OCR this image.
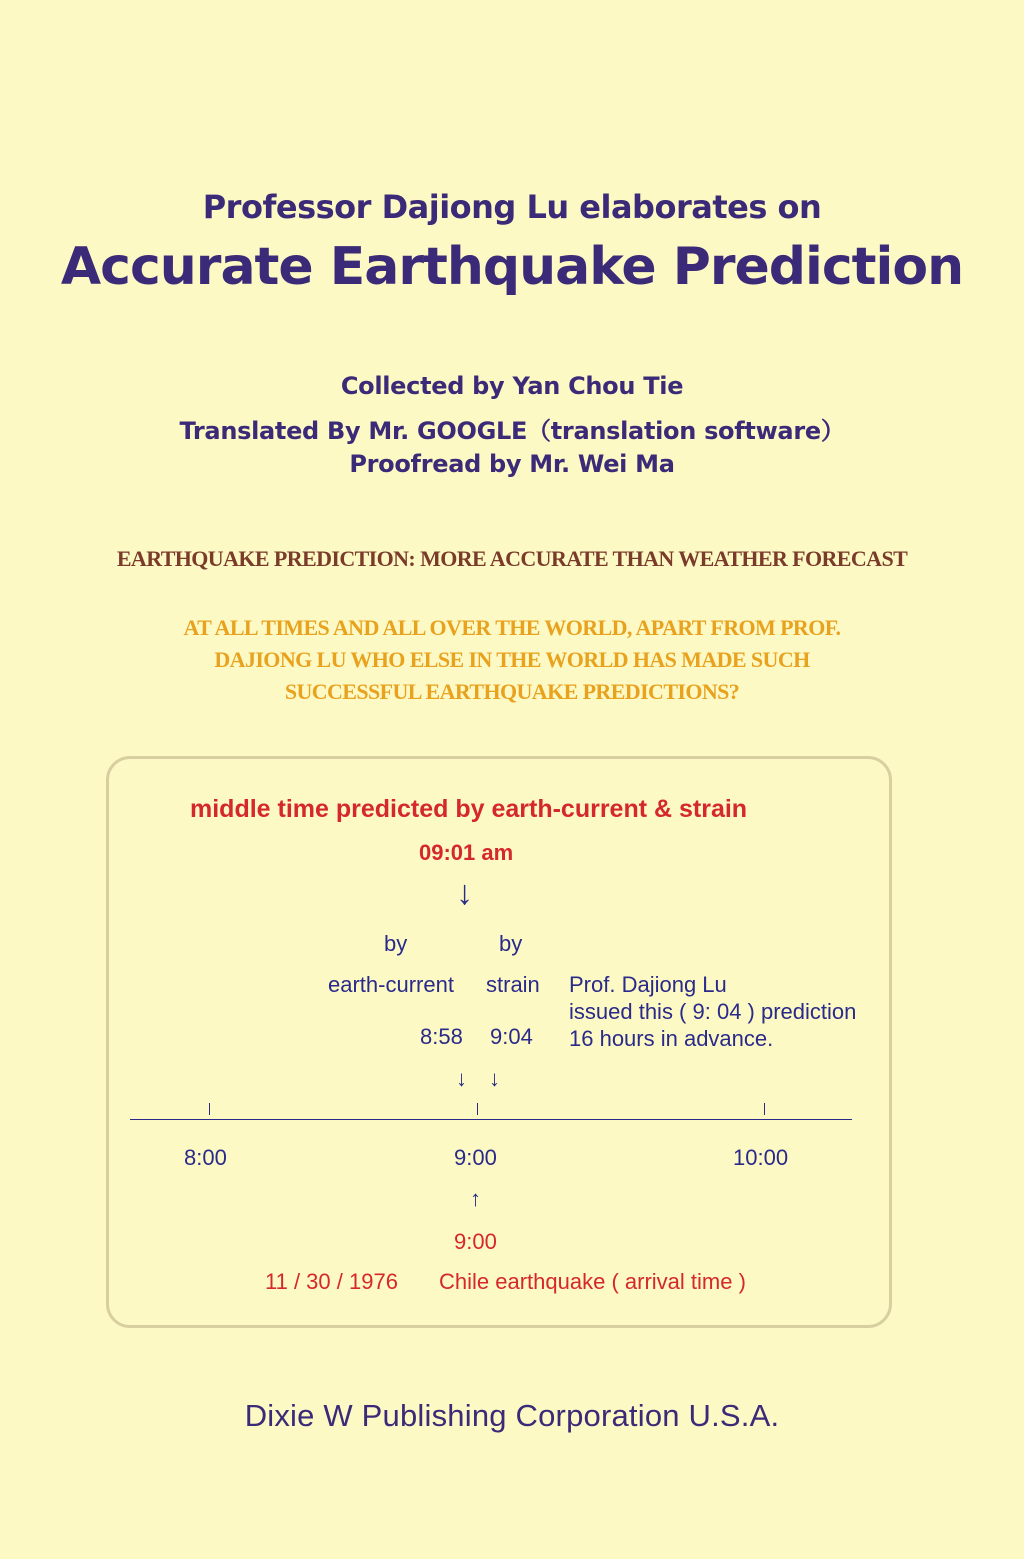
Professor Dajiong Lu elaborates on
Accurate Earthquake Prediction
Collected by Yan Chou Tie
Translated By Mr. GOOGLE（translation software）
Proofread by Mr. Wei Ma
EARTHQUAKE PREDICTION: MORE ACCURATE THAN WEATHER FORECAST
AT ALL TIMES AND ALL OVER THE WORLD, APART FROM PROF.
DAJIONG LU WHO ELSE IN THE WORLD HAS MADE SUCH
SUCCESSFUL EARTHQUAKE PREDICTIONS?
middle time predicted by earth-current & strain
09:01 am
↓
by	by
earth-current strain
8:58 9:04
↓ ↓
Prof. Dajiong Lu
issued this ( 9: 04 ) prediction
16 hours in advance.
8:00	9:00	10:00
↑
9:00
11 / 30 / 1976 Chile earthquake ( arrival time )
Dixie W Publishing Corporation U.S.A.
